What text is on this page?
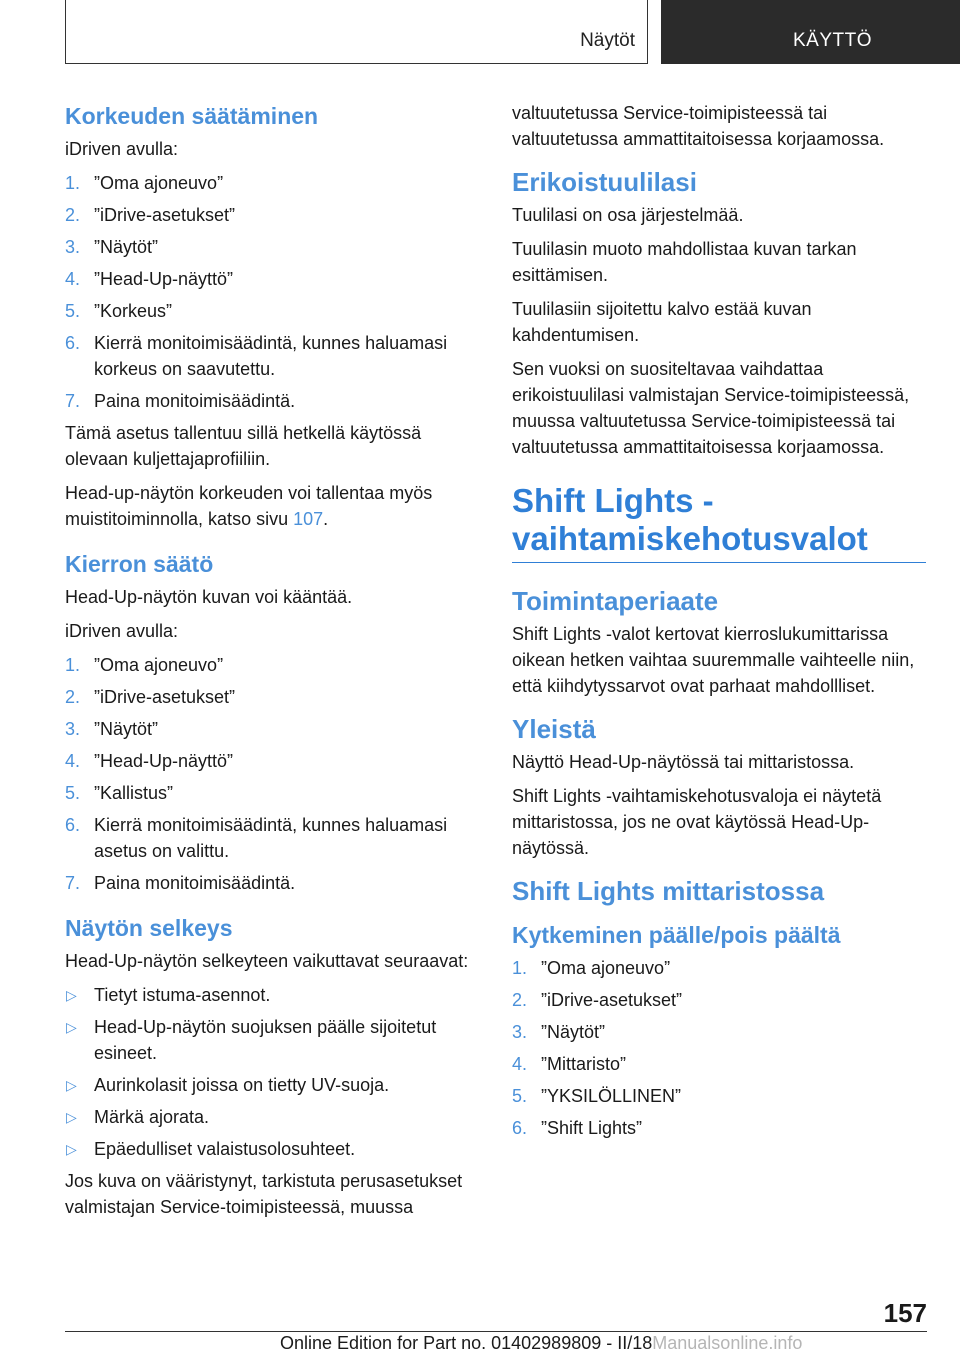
Näytöt	KÄYTTÖ
Korkeuden säätäminen

iDriven avulla:

1. ”Oma ajoneuvo”
2. ”iDrive-asetukset”
3. ”Näytöt”
4. ”Head-Up-näyttö”
5. ”Korkeus”
6. Kierrä monitoimisäädintä, kunnes haluamasi korkeus on saavutettu.
7. Paina monitoimisäädintä.

Tämä asetus tallentuu sillä hetkellä käytössä olevaan kuljettajaprofiiliin.

Head-up-näytön korkeuden voi tallentaa myös muistitoiminnolla, katso sivu 107.

Kierron säätö

Head-Up-näytön kuvan voi kääntää.

iDriven avulla:

1. ”Oma ajoneuvo”
2. ”iDrive-asetukset”
3. ”Näytöt”
4. ”Head-Up-näyttö”
5. ”Kallistus”
6. Kierrä monitoimisäädintä, kunnes haluamasi asetus on valittu.
7. Paina monitoimisäädintä.
Näytön selkeys

Head-Up-näytön selkeyteen vaikuttavat seuraavat:

▷ Tietyt istuma-asennot.
▷ Head-Up-näytön suojuksen päälle sijoitetut esineet.
▷ Aurinkolasit joissa on tietty UV-suoja.
▷ Märkä ajorata.
▷ Epäedulliset valaistusolosuhteet.

Jos kuva on vääristynyt, tarkistuta perusasetukset valmistajan Service-toimipisteessä, muussa

valtuutetussa Service-toimipisteessä tai valtuutetussa ammattitaitoisessa korjaamossa.

Erikoistuulilasi

Tuulilasi on osa järjestelmää.

Tuulilasin muoto mahdollistaa kuvan tarkan esittämisen.

Tuulilasiin sijoitettu kalvo estää kuvan kahdentumisen.

Sen vuoksi on suositeltavaa vaihdattaa erikoistuulilasi valmistajan Service-toimipisteessä, muussa valtuutetussa Service-toimipisteessä tai valtuutetussa ammattitaitoisessa korjaamossa.

Shift Lights - vaihtamiskehotusvalot
Toimintaperiaate

Shift Lights -valot kertovat kierroslukumittarissa oikean hetken vaihtaa suuremmalle vaihteelle niin, että kiihdytyssarvot ovat parhaat mahdollliset.

Yleistä

Näyttö Head-Up-näytössä tai mittaristossa.

Shift Lights -vaihtamiskehotusvaloja ei näytetä mittaristossa, jos ne ovat käytössä Head-Up-näytössä.

Shift Lights mittaristossa
Kytkeminen päälle/pois päältä
1. ”Oma ajoneuvo”
2. ”iDrive-asetukset”
3. ”Näytöt”
4. ”Mittaristo”
5. ”YKSILÖLLINEN”
6. ”Shift Lights”
157
Online Edition for Part no. 01402989809 - II/18Manualsonline.info
